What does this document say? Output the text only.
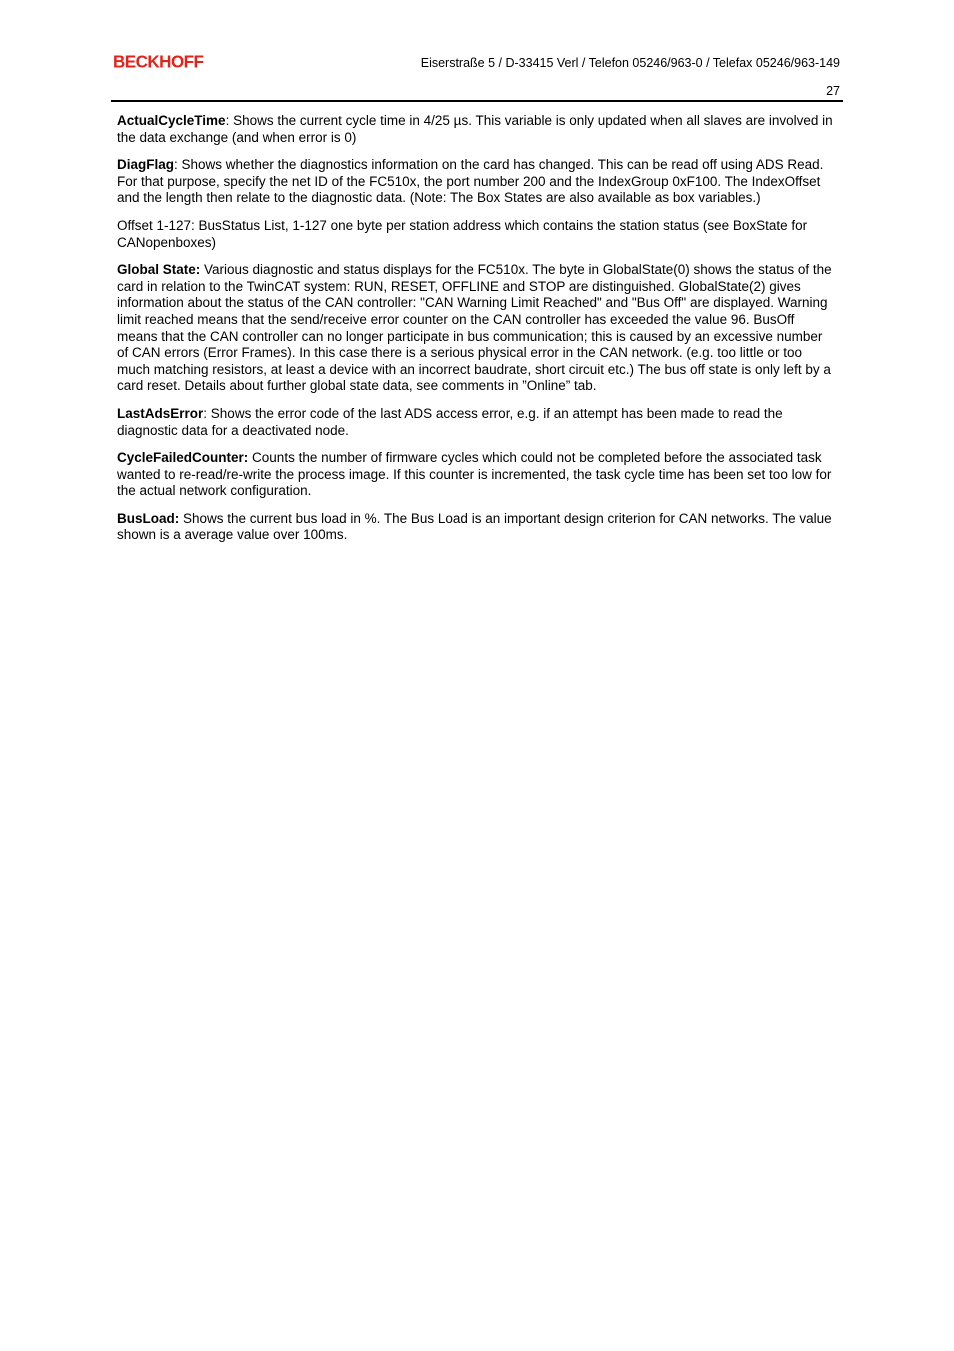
BECKHOFF	Eiserstraße 5 / D-33415 Verl / Telefon 05246/963-0 / Telefax 05246/963-149
27

ActualCycleTime: Shows the current cycle time in 4/25 µs. This variable is only updated when all slaves are involved in the data exchange (and when error is 0)

DiagFlag: Shows whether the diagnostics information on the card has changed. This can be read off using ADS Read. For that purpose, specify the net ID of the FC510x, the port number 200 and the IndexGroup 0xF100. The IndexOffset and the length then relate to the diagnostic data. (Note: The Box States are also available as box variables.)

Offset 1-127: BusStatus List, 1-127 one byte per station address which contains the station status (see BoxState for CANopenboxes)

Global State: Various diagnostic and status displays for the FC510x. The byte in GlobalState(0) shows the status of the card in relation to the TwinCAT system: RUN, RESET, OFFLINE and STOP are distinguished. GlobalState(2) gives information about the status of the CAN controller: "CAN Warning Limit Reached" and "Bus Off" are displayed. Warning limit reached means that the send/receive error counter on the CAN controller has exceeded the value 96. BusOff means that the CAN controller can no longer participate in bus communication; this is caused by an excessive number of CAN errors (Error Frames). In this case there is a serious physical error in the CAN network. (e.g. too little or too much matching resistors, at least a device with an incorrect baudrate, short circuit etc.) The bus off state is only left by a card reset. Details about further global state data, see comments in ”Online” tab.

LastAdsError: Shows the error code of the last ADS access error, e.g. if an attempt has been made to read the diagnostic data for a deactivated node.

CycleFailedCounter: Counts the number of firmware cycles which could not be completed before the associated task wanted to re-read/re-write the process image. If this counter is incremented, the task cycle time has been set too low for the actual network configuration.

BusLoad: Shows the current bus load in %. The Bus Load is an important design criterion for CAN networks. The value shown is a average value over 100ms.
